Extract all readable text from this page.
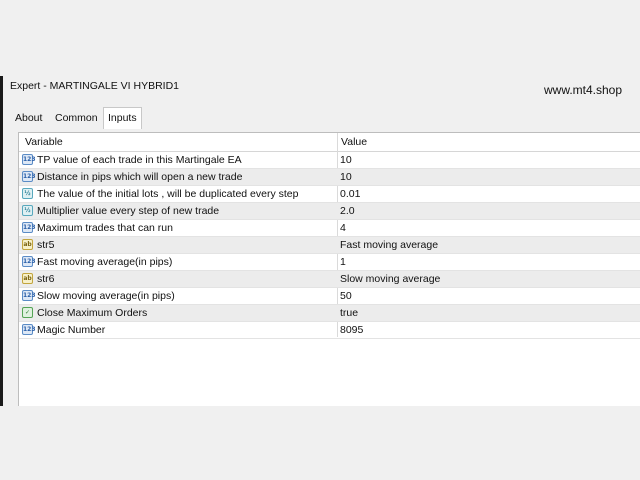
Expert - MARTINGALE VI HYBRID1	www.mt4.shop
About	Common Inputs
Variable	Value
123 TP value of each trade in this Martingale EA	10
123 Distance in pips which will open a new trade	10
½ The value of the initial lots , will be duplicated every step	0.01
½ Multiplier value every step of new trade	2.0
123 Maximum trades that can run	4
ab str5	Fast moving average
123 Fast moving average(in pips)	1
ab str6	Slow moving average
123 Slow moving average(in pips)	50
✓ Close Maximum Orders	true
123 Magic Number	8095
